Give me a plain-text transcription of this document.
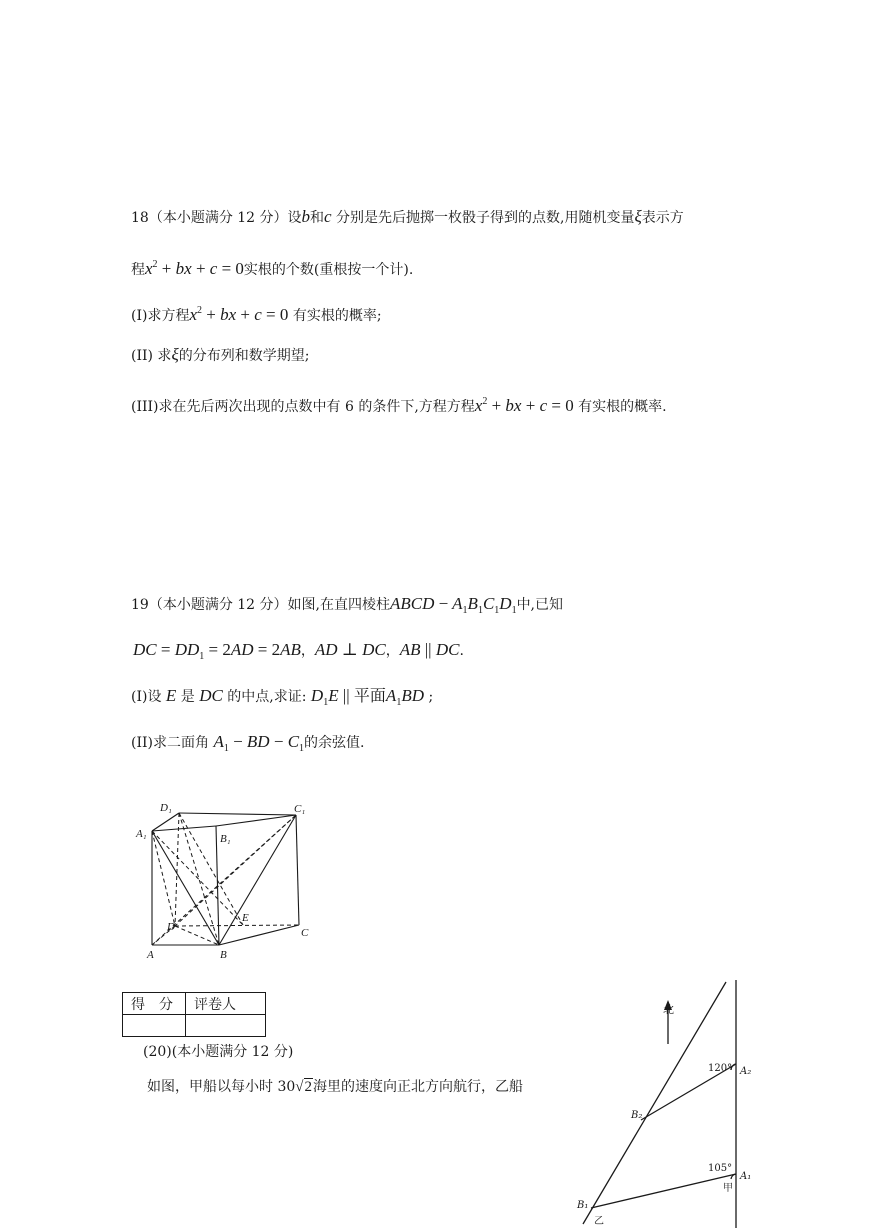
18（本小题满分 12 分）设b和c 分别是先后抛掷一枚骰子得到的点数,用随机变量ξ表示方
程$x^2$ + bx + c = 0实根的个数(重根按一个计).
(I)求方程$x^2$ + bx + c = 0 有实根的概率;
(II) 求ξ的分布列和数学期望;
(III)求在先后两次出现的点数中有 6 的条件下,方程方程$x^2$ + bx + c = 0 有实根的概率.
19（本小题满分 12 分）如图,在直四棱柱ABCD − $A_1B_1C_1D_1$中,已知
DC = $DD_1 = 2AD = 2AB$，AD ⊥ DC，AB || DC.
(I)设 E 是 DC 的中点,求证: $D_1E$ || 平面$A_1BD$ ;
(II)求二面角 $A_1$ − BD − $C_1$的余弦值.
D₁	C₁
A₁	B₁
D
E
C
A	B
得　分	评卷人

(20)(本小题满分 12 分)
如图，甲船以每小时 30√2海里的速度向正北方向航行，乙船
北
120° A₂
B₂
105°
A₁
甲
B₁
乙
